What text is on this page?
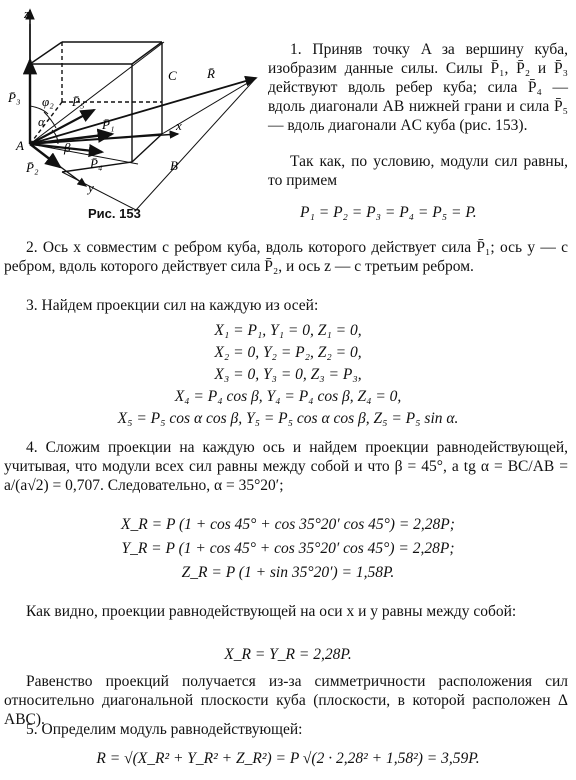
z
x
y
A
B
C R̄
P̄₁
P̄₂
P̄₃
P̄₄
P̄₅
φ₂
α
β
Рис. 153
1. Приняв точку A за вершину куба, изобразим данные силы. Силы P̄₁, P̄₂ и P̄₃ действуют вдоль ребер куба; сила P̄₄ — вдоль диагонали AB нижней грани и сила P̄₅ — вдоль диагонали AC куба (рис. 153).
Так как, по условию, модули сил равны, то примем
P₁ = P₂ = P₃ = P₄ = P₅ = P.
2. Ось x совместим с ребром куба, вдоль которого действует сила P̄₁; ось y — с ребром, вдоль которого действует сила P̄₂, и ось z — с третьим ребром.
3. Найдем проекции сил на каждую из осей:
X₁ = P₁, Y₁ = 0, Z₁ = 0,
X₂ = 0, Y₂ = P₂, Z₂ = 0,
X₃ = 0, Y₃ = 0, Z₃ = P₃,
X₄ = P₄ cos β, Y₄ = P₄ cos β, Z₄ = 0,
X₅ = P₅ cos α cos β, Y₅ = P₅ cos α cos β, Z₅ = P₅ sin α.
4. Сложим проекции на каждую ось и найдем проекции равнодействующей, учитывая, что модули всех сил равны между собой и что β = 45°, а tg α = BC/AB = a/(a√2) = 0,707. Следовательно, α = 35°20′;
X_R = P (1 + cos 45° + cos 35°20′ cos 45°) = 2,28P;
Y_R = P (1 + cos 45° + cos 35°20′ cos 45°) = 2,28P;
Z_R = P (1 + sin 35°20′) = 1,58P.
Как видно, проекции равнодействующей на оси x и y равны между собой:
X_R = Y_R = 2,28P.
Равенство проекций получается из-за симметричности расположения сил относительно диагональной плоскости куба (плоскости, в которой расположен Δ ABC).
5. Определим модуль равнодействующей:
R = √(X_R² + Y_R² + Z_R²) = P √(2 · 2,28² + 1,58²) = 3,59P.
